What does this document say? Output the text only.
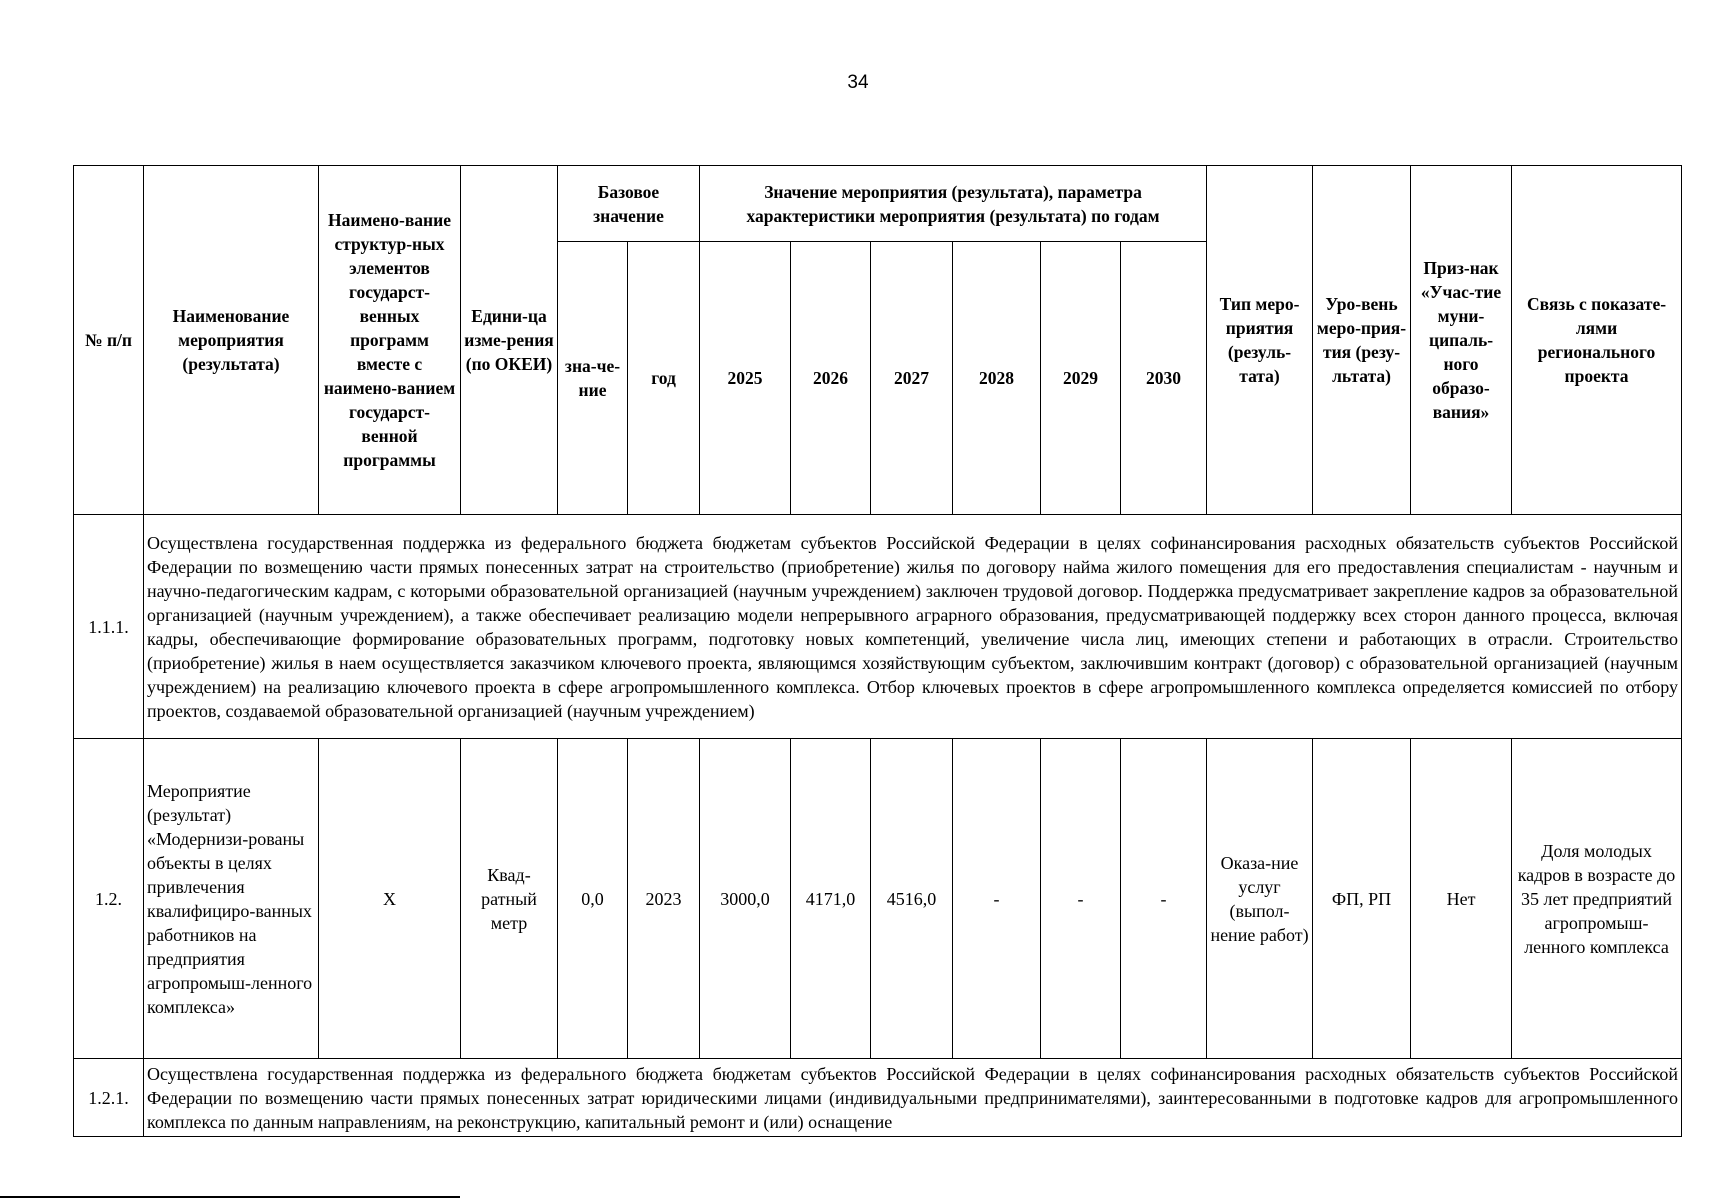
34
№ п/п	Наименование мероприятия (результата)	Наимено-вание структур-ных элементов государст-венных программ вместе с наимено-ванием государст-венной программы	Едини-ца изме-рения (по ОКЕИ)	Базовое значение		Значение мероприятия (результата), параметра характеристики мероприятия (результата) по годам						Тип меро-приятия (резуль-тата)	Уро-вень меро-прия-тия (резу-льтата)	Приз-нак «Учас-тие муни-ципаль-ного образо-вания»	Связь с показате-лями регионального проекта
				зна-че-ние	год	2025	2026	2027	2028	2029	2030				
1.1.1.	Осуществлена государственная поддержка из федерального бюджета бюджетам субъектов Российской Федерации в целях софинансирования расходных обязательств субъектов Российской Федерации по возмещению части прямых понесенных затрат на строительство (приобретение) жилья по договору найма жилого помещения для его предоставления специалистам - научным и научно-педагогическим кадрам, с которыми образовательной организацией (научным учреждением) заключен трудовой договор. Поддержка предусматривает закрепление кадров за образовательной организацией (научным учреждением), а также обеспечивает реализацию модели непрерывного аграрного образования, предусматривающей поддержку всех сторон данного процесса, включая кадры, обеспечивающие формирование образовательных программ, подготовку новых компетенций, увеличение числа лиц, имеющих степени и работающих в отрасли. Строительство (приобретение) жилья в наем осуществляется заказчиком ключевого проекта, являющимся хозяйствующим субъектом, заключившим контракт (договор) с образовательной организацией (научным учреждением) на реализацию ключевого проекта в сфере агропромышленного комплекса. Отбор ключевых проектов в сфере агропромышленного комплекса определяется комиссией по отбору проектов, создаваемой образовательной организацией (научным учреждением)														
1.2.	Мероприятие (результат) «Модернизи-рованы объекты в целях привлечения квалифициро-ванных работников на предприятия агропромыш-ленного комплекса»	X	Квад-ратный метр	0,0	2023	3000,0	4171,0	4516,0	-	-	-	Оказа-ние услуг (выпол-нение работ)	ФП, РП	Нет	Доля молодых кадров в возрасте до 35 лет предприятий агропромыш-ленного комплекса
1.2.1.	Осуществлена государственная поддержка из федерального бюджета бюджетам субъектов Российской Федерации в целях софинансирования расходных обязательств субъектов Российской Федерации по возмещению части прямых понесенных затрат юридическими лицами (индивидуальными предпринимателями), заинтересованными в подготовке кадров для агропромышленного комплекса по данным направлениям, на реконструкцию, капитальный ремонт и (или) оснащение														
